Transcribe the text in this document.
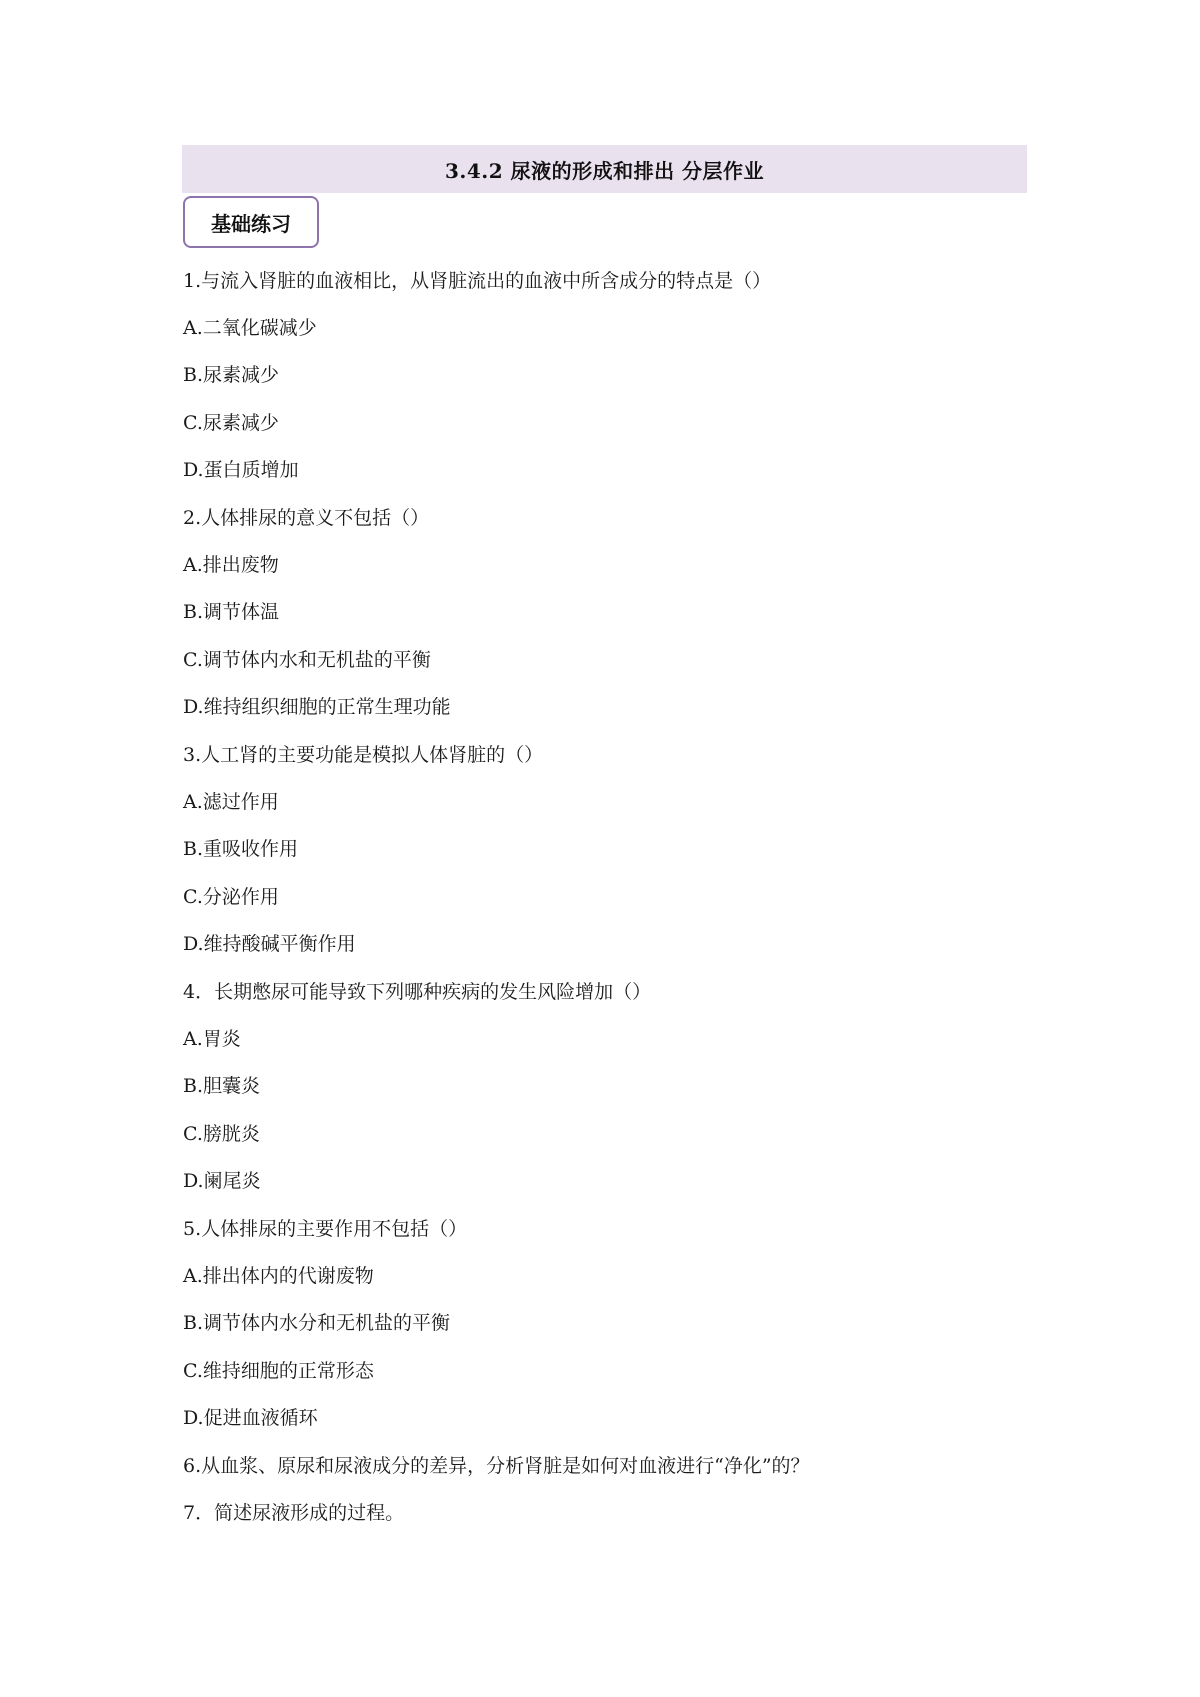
3.4.2 尿液的形成和排出 分层作业
基础练习
1.与流入肾脏的血液相比，从肾脏流出的血液中所含成分的特点是（）
A.二氧化碳减少
B.尿素减少
C.尿素减少
D.蛋白质增加
2.人体排尿的意义不包括（）
A.排出废物
B.调节体温
C.调节体内水和无机盐的平衡
D.维持组织细胞的正常生理功能
3.人工肾的主要功能是模拟人体肾脏的（）
A.滤过作用
B.重吸收作用
C.分泌作用
D.维持酸碱平衡作用
4．长期憋尿可能导致下列哪种疾病的发生风险增加（）
A.胃炎
B.胆囊炎
C.膀胱炎
D.阑尾炎
5.人体排尿的主要作用不包括（）
A.排出体内的代谢废物
B.调节体内水分和无机盐的平衡
C.维持细胞的正常形态
D.促进血液循环
6.从血浆、原尿和尿液成分的差异，分析肾脏是如何对血液进行“净化”的？
7．简述尿液形成的过程。
